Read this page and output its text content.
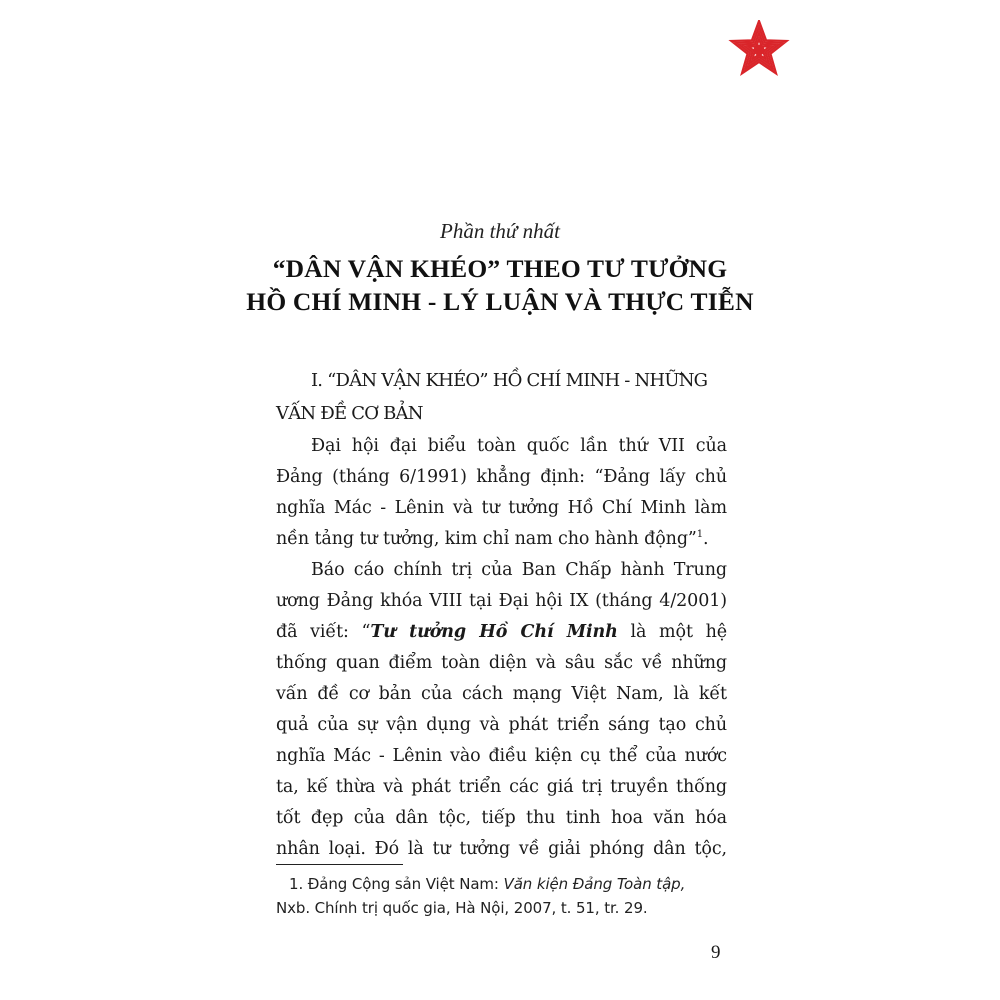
Phần thứ nhất
“DÂN VẬN KHÉO” THEO TƯ TƯỞNG
HỒ CHÍ MINH - LÝ LUẬN VÀ THỰC TIỄN
I. “DÂN VẬN KHÉO” HỒ CHÍ MINH - NHỮNG
VẤN ĐỀ CƠ BẢN
Đại hội đại biểu toàn quốc lần thứ VII của
Đảng (tháng 6/1991) khẳng định: “Đảng lấy chủ
nghĩa Mác - Lênin và tư tưởng Hồ Chí Minh làm
nền tảng tư tưởng, kim chỉ nam cho hành động”$^1$.
Báo cáo chính trị của Ban Chấp hành Trung
ương Đảng khóa VIII tại Đại hội IX (tháng 4/2001)
đã viết: “Tư tưởng Hồ Chí Minh là một hệ
thống quan điểm toàn diện và sâu sắc về những
vấn đề cơ bản của cách mạng Việt Nam, là kết
quả của sự vận dụng và phát triển sáng tạo chủ
nghĩa Mác - Lênin vào điều kiện cụ thể của nước
ta, kế thừa và phát triển các giá trị truyền thống
tốt đẹp của dân tộc, tiếp thu tinh hoa văn hóa
nhân loại. Đó là tư tưởng về giải phóng dân tộc,
1. Đảng Cộng sản Việt Nam: Văn kiện Đảng Toàn tập,
Nxb. Chính trị quốc gia, Hà Nội, 2007, t. 51, tr. 29.
9
